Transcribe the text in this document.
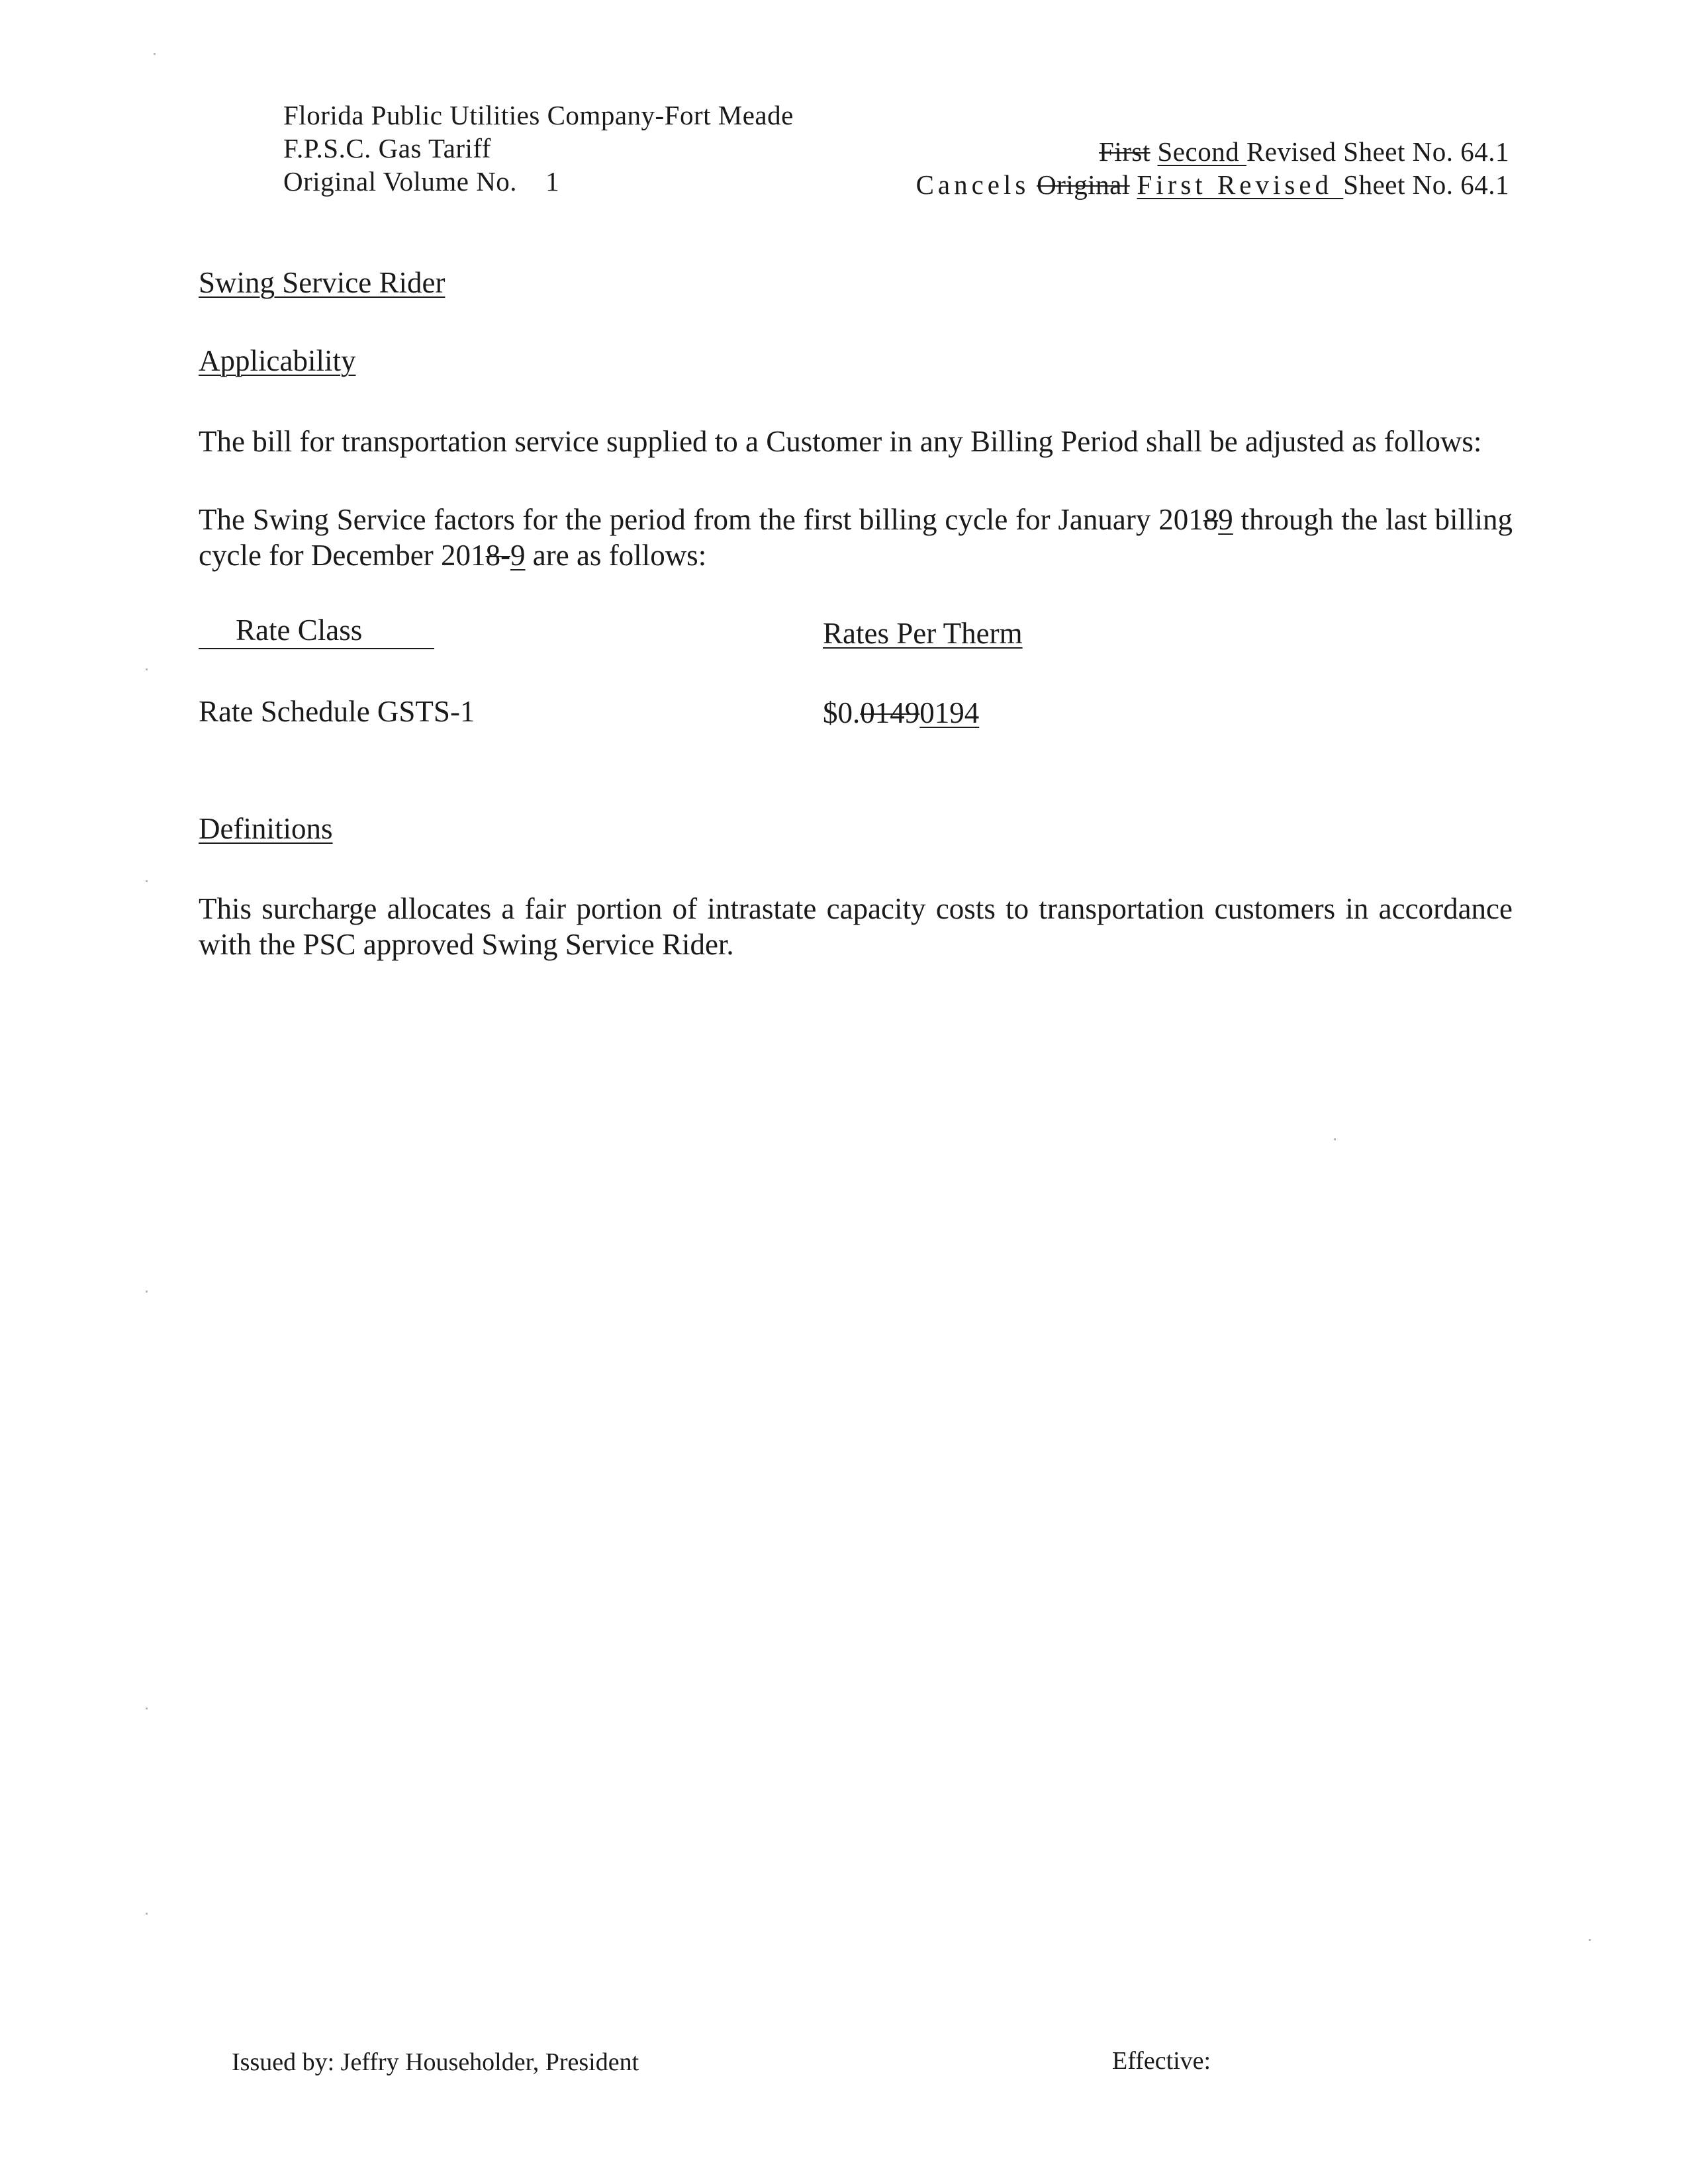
Florida Public Utilities Company-Fort Meade
F.P.S.C. Gas Tariff
Original Volume No. 1
First Second Revised Sheet No. 64.1
Cancels Original First Revised Sheet No. 64.1
Swing Service Rider
Applicability
The bill for transportation service supplied to a Customer in any Billing Period shall be adjusted as follows:
The Swing Service factors for the period from the first billing cycle for January 20189 through the last billing cycle for December 2018-9 are as follows:
Rate Class	Rates Per Therm
Rate Schedule GSTS-1	$0.01490194
Definitions
This surcharge allocates a fair portion of intrastate capacity costs to transportation customers in accordance with the PSC approved Swing Service Rider.
Issued by: Jeffry Householder, President	Effective:
